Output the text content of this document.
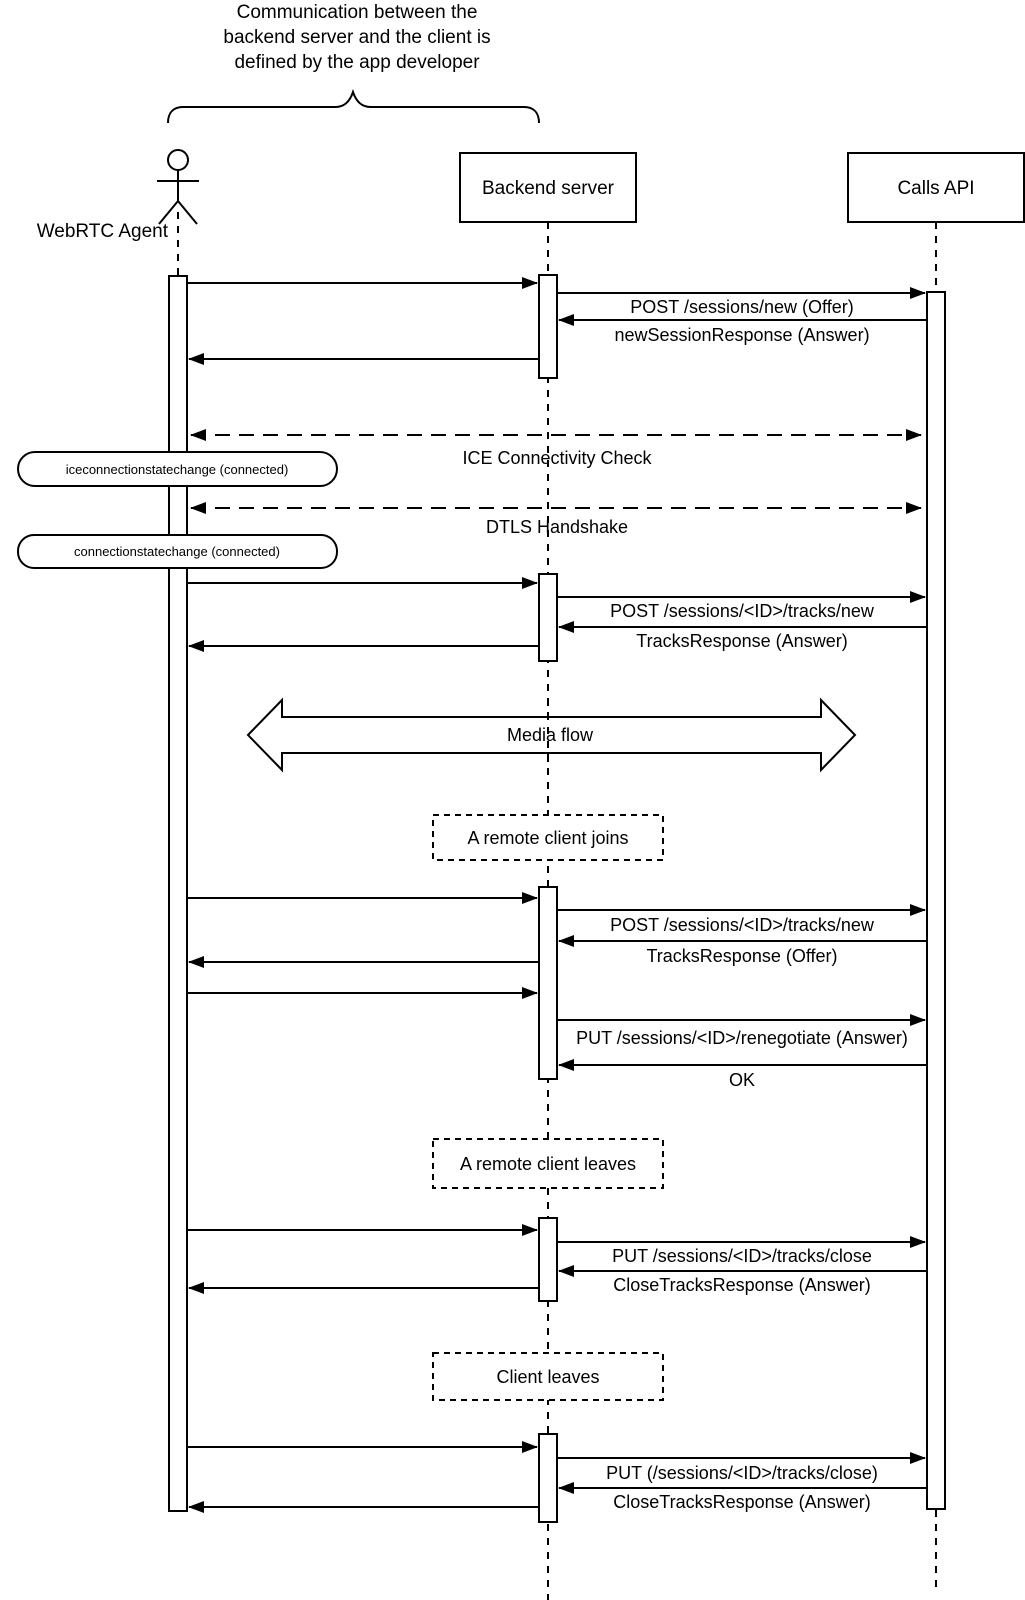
Communication between the
backend server and the client is
defined by the app developer
WebRTC Agent
Backend server	Calls API
POST /sessions/new (Offer)
newSessionResponse (Answer)
ICE Connectivity Check
iceconnectionstatechange (connected)
DTLS Handshake
connectionstatechange (connected)
POST /sessions/<ID>/tracks/new
TracksResponse (Answer)
Media flow
A remote client joins
POST /sessions/<ID>/tracks/new
TracksResponse (Offer)
PUT /sessions/<ID>/renegotiate (Answer)
OK
A remote client leaves
PUT /sessions/<ID>/tracks/close
CloseTracksResponse (Answer)
Client leaves
PUT (/sessions/<ID>/tracks/close)
CloseTracksResponse (Answer)
